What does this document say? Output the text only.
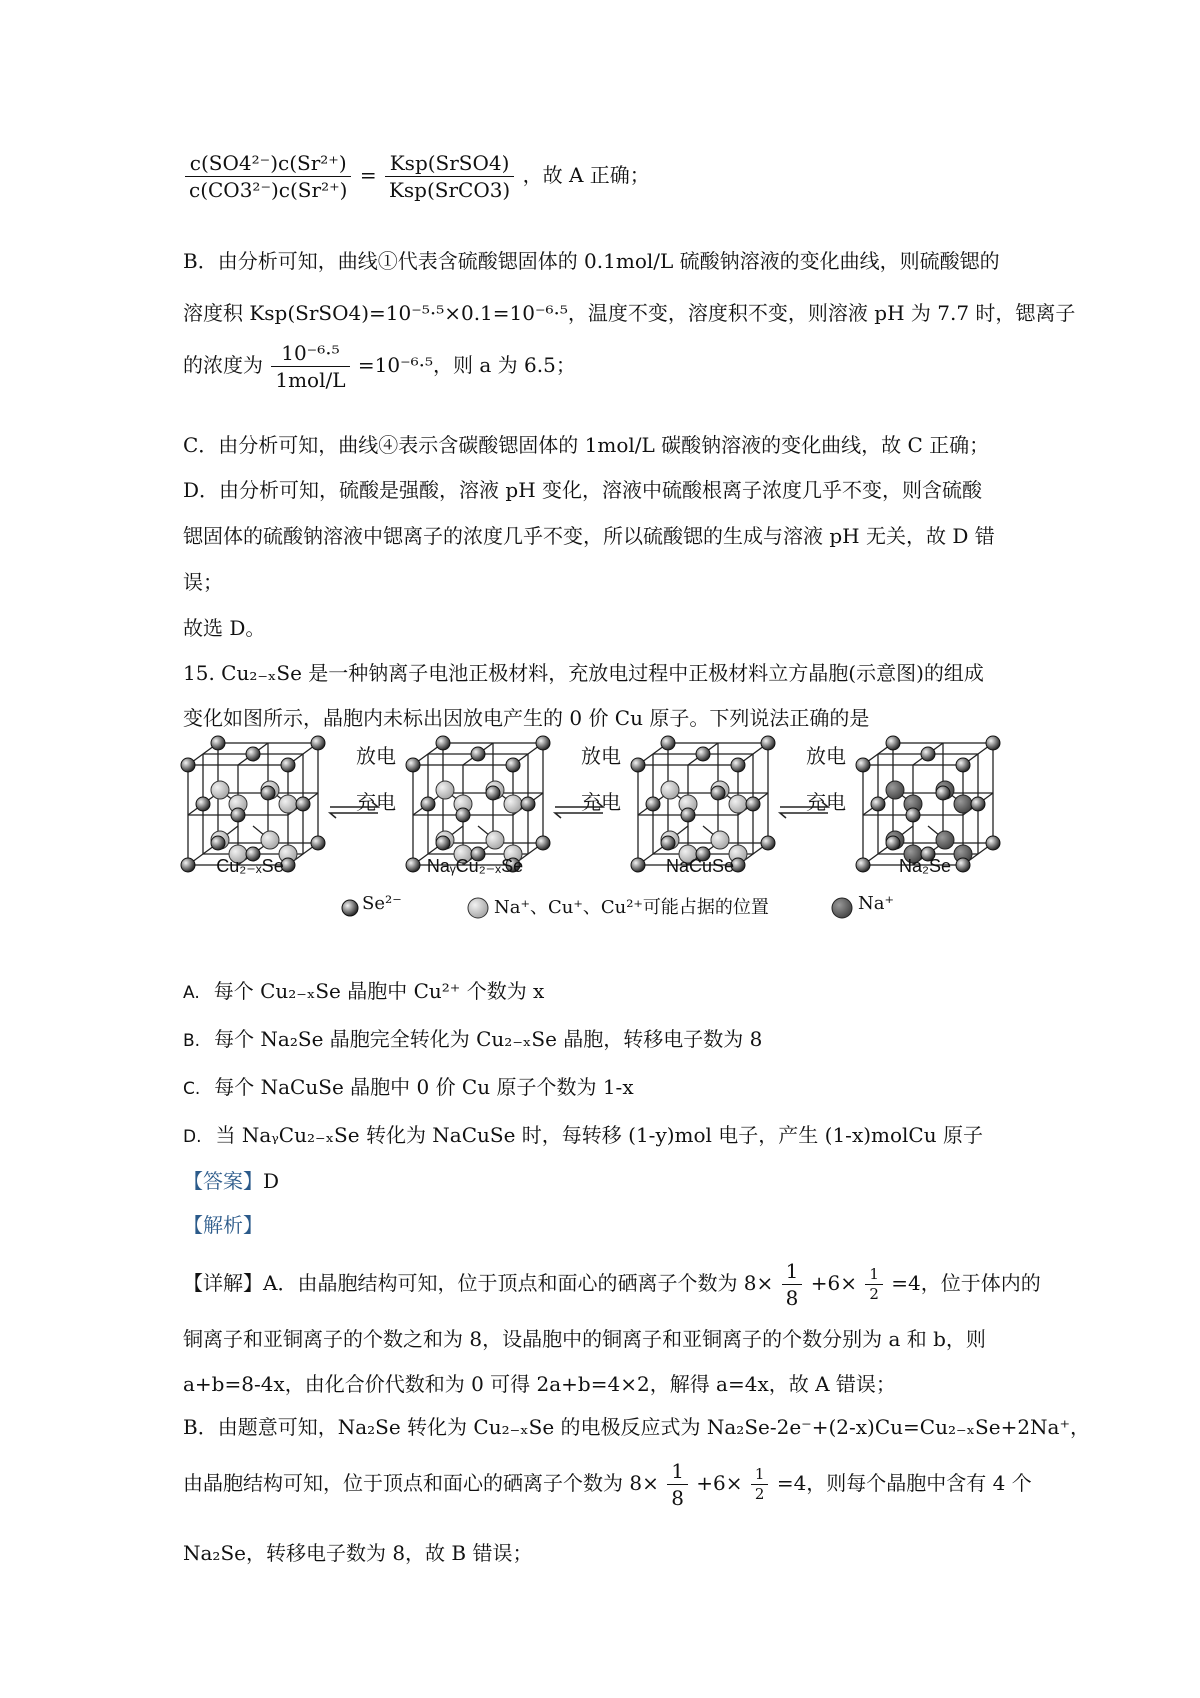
$\frac{\text{c(SO4²⁻)c(Sr²⁺)}}{\text{c(CO3²⁻)c(Sr²⁺)}} = \frac{\text{Ksp(SrSO4)}}{\text{Ksp(SrCO3)}}$ ，故 A 正确；
B．由分析可知，曲线①代表含硫酸锶固体的 0.1mol/L 硫酸钠溶液的变化曲线，则硫酸锶的
溶度积 Ksp(SrSO4)=10⁻⁵·⁵×0.1=10⁻⁶·⁵，温度不变，溶度积不变，则溶液 pH 为 7.7 时，锶离子
的浓度为 $\frac{\text{10⁻⁶·⁵}}{\text{1mol/L}} =10^{-6}\cdot^5$，则 a 为 6.5；
C．由分析可知，曲线④表示含碳酸锶固体的 1mol/L 碳酸钠溶液的变化曲线，故 C 正确；
D．由分析可知，硫酸是强酸，溶液 pH 变化，溶液中硫酸根离子浓度几乎不变，则含硫酸
锶固体的硫酸钠溶液中锶离子的浓度几乎不变，所以硫酸锶的生成与溶液 pH 无关，故 D 错
误；
故选 D。
15. Cu₂₋ₓSe 是一种钠离子电池正极材料，充放电过程中正极材料立方晶胞(示意图)的组成
变化如图所示，晶胞内未标出因放电产生的 0 价 Cu 原子。下列说法正确的是
放电
充电
放电
充电
放电
充电
Cu₂₋ₓSe	NaᵧCu₂₋ₓSe	NaCuSe	Na₂Se
Se²⁻	Na⁺、Cu⁺、Cu²⁺可能占据的位置	Na⁺
A. 每个 Cu₂₋ₓSe 晶胞中 Cu²⁺ 个数为 x
B. 每个 Na₂Se 晶胞完全转化为 Cu₂₋ₓSe 晶胞，转移电子数为 8
C. 每个 NaCuSe 晶胞中 0 价 Cu 原子个数为 1-x
D. 当 NaᵧCu₂₋ₓSe 转化为 NaCuSe 时，每转移 (1-y)mol 电子，产生 (1-x)molCu 原子
【答案】D
【解析】
【详解】A．由晶胞结构可知，位于顶点和面心的硒离子个数为 $8\times \frac{1}{8} +6\times \frac{1}{2} =4$，位于体内的
铜离子和亚铜离子的个数之和为 8，设晶胞中的铜离子和亚铜离子的个数分别为 a 和 b，则
a+b=8-4x，由化合价代数和为 0 可得 2a+b=4×2，解得 a=4x，故 A 错误；
B．由题意可知，Na₂Se 转化为 Cu₂₋ₓSe 的电极反应式为 Na₂Se-2e⁻+(2-x)Cu=Cu₂₋ₓSe+2Na⁺，
由晶胞结构可知，位于顶点和面心的硒离子个数为 $8\times \frac{1}{8} +6\times \frac{1}{2} =4$，则每个晶胞中含有 4 个
Na₂Se，转移电子数为 8，故 B 错误；
